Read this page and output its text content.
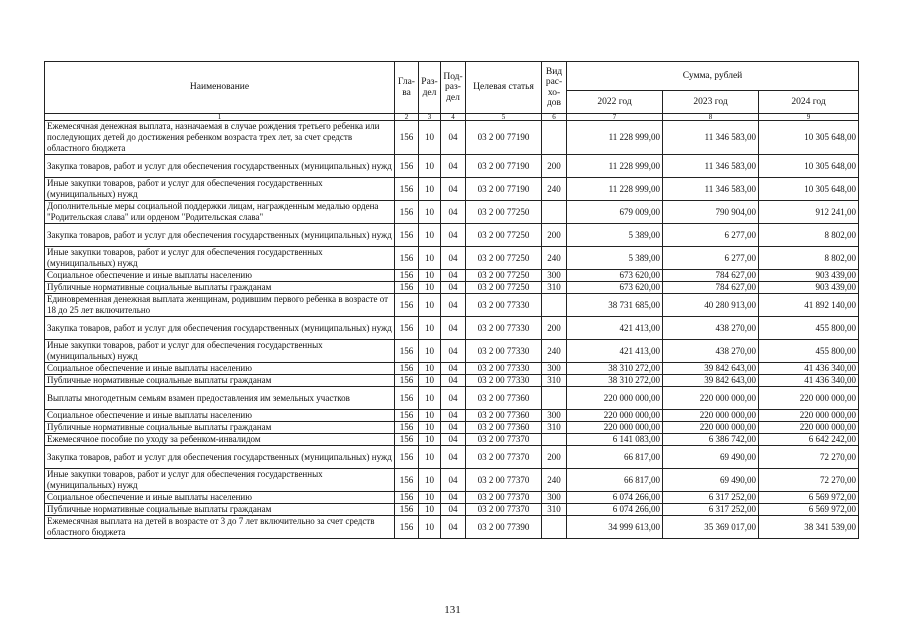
Наименование	Гла-ва	Раз-дел	Под-раз-дел	Целевая статья	Вид рас-хо-дов	Сумма, рублей		
						2022 год	2023 год	2024 год
1	2	3	4	5	6	7	8	9
Ежемесячная денежная выплата, назначаемая в случае рождения третьего ребенка или последующих детей до достижения ребенком возраста трех лет, за счет средств областного бюджета	156	10	04	03 2 00 77190		11 228 999,00	11 346 583,00	10 305 648,00
Закупка товаров, работ и услуг для обеспечения государственных (муниципальных) нужд	156	10	04	03 2 00 77190	200	11 228 999,00	11 346 583,00	10 305 648,00
Иные закупки товаров, работ и услуг для обеспечения государственных (муниципальных) нужд	156	10	04	03 2 00 77190	240	11 228 999,00	11 346 583,00	10 305 648,00
Дополнительные меры социальной поддержки лицам, награжденным медалью ордена "Родительская слава" или орденом "Родительская слава"	156	10	04	03 2 00 77250		679 009,00	790 904,00	912 241,00
Закупка товаров, работ и услуг для обеспечения государственных (муниципальных) нужд	156	10	04	03 2 00 77250	200	5 389,00	6 277,00	8 802,00
Иные закупки товаров, работ и услуг для обеспечения государственных (муниципальных) нужд	156	10	04	03 2 00 77250	240	5 389,00	6 277,00	8 802,00
Социальное обеспечение и иные выплаты населению	156	10	04	03 2 00 77250	300	673 620,00	784 627,00	903 439,00
Публичные нормативные социальные выплаты гражданам	156	10	04	03 2 00 77250	310	673 620,00	784 627,00	903 439,00
Единовременная денежная выплата женщинам, родившим первого ребенка в возрасте от 18 до 25 лет включительно	156	10	04	03 2 00 77330		38 731 685,00	40 280 913,00	41 892 140,00
Закупка товаров, работ и услуг для обеспечения государственных (муниципальных) нужд	156	10	04	03 2 00 77330	200	421 413,00	438 270,00	455 800,00
Иные закупки товаров, работ и услуг для обеспечения государственных (муниципальных) нужд	156	10	04	03 2 00 77330	240	421 413,00	438 270,00	455 800,00
Социальное обеспечение и иные выплаты населению	156	10	04	03 2 00 77330	300	38 310 272,00	39 842 643,00	41 436 340,00
Публичные нормативные социальные выплаты гражданам	156	10	04	03 2 00 77330	310	38 310 272,00	39 842 643,00	41 436 340,00
Выплаты многодетным семьям взамен предоставления им земельных участков	156	10	04	03 2 00 77360		220 000 000,00	220 000 000,00	220 000 000,00
Социальное обеспечение и иные выплаты населению	156	10	04	03 2 00 77360	300	220 000 000,00	220 000 000,00	220 000 000,00
Публичные нормативные социальные выплаты гражданам	156	10	04	03 2 00 77360	310	220 000 000,00	220 000 000,00	220 000 000,00
Ежемесячное пособие по уходу за ребенком-инвалидом	156	10	04	03 2 00 77370		6 141 083,00	6 386 742,00	6 642 242,00
Закупка товаров, работ и услуг для обеспечения государственных (муниципальных) нужд	156	10	04	03 2 00 77370	200	66 817,00	69 490,00	72 270,00
Иные закупки товаров, работ и услуг для обеспечения государственных (муниципальных) нужд	156	10	04	03 2 00 77370	240	66 817,00	69 490,00	72 270,00
Социальное обеспечение и иные выплаты населению	156	10	04	03 2 00 77370	300	6 074 266,00	6 317 252,00	6 569 972,00
Публичные нормативные социальные выплаты гражданам	156	10	04	03 2 00 77370	310	6 074 266,00	6 317 252,00	6 569 972,00
Ежемесячная выплата на детей в возрасте от 3 до 7 лет включительно за счет средств областного бюджета	156	10	04	03 2 00 77390		34 999 613,00	35 369 017,00	38 341 539,00
131
